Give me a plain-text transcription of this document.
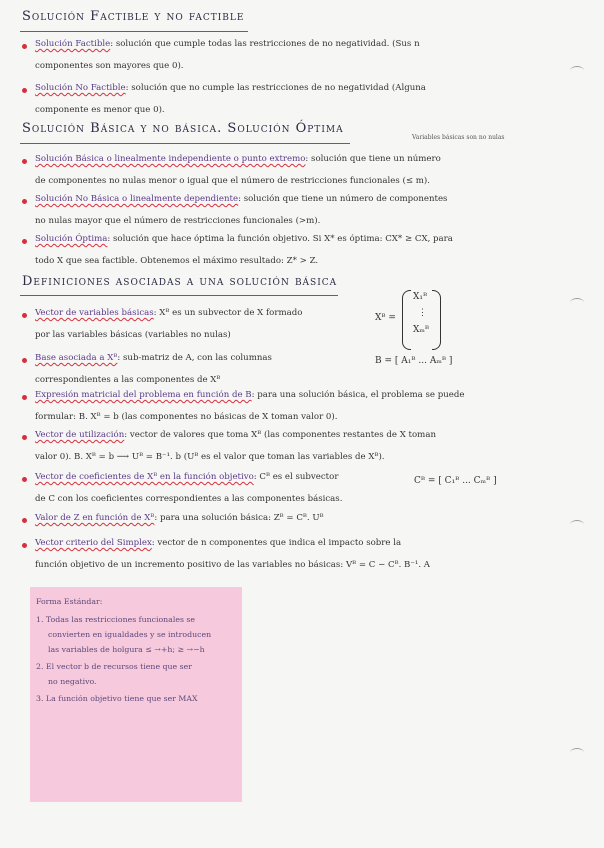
Solución Factible y no factible
Solución Factible: solución que cumple todas las restricciones de no negatividad. (Sus n
componentes son mayores que 0).
Solución No Factible: solución que no cumple las restricciones de no negatividad (Alguna
componente es menor que 0).
Solución Básica y no básica. Solución Óptima
Variables básicas son no nulas
Solución Básica o linealmente independiente o punto extremo: solución que tiene un número
de componentes no nulas menor o igual que el número de restricciones funcionales (≤ m).
Solución No Básica o linealmente dependiente: solución que tiene un número de componentes
no nulas mayor que el número de restricciones funcionales (>m).
Solución Óptima: solución que hace óptima la función objetivo. Si X* es óptima: CX* ≥ CX, para
todo X que sea factible. Obtenemos el máximo resultado: Z* > Z.
Definiciones asociadas a una solución básica
Vector de variables básicas: Xᴮ es un subvector de X formado
por las variables básicas (variables no nulas)
Xᴮ =
X₁ᴮ
⋮
Xₘᴮ
Base asociada a Xᴮ: sub-matriz de A, con las columnas
correspondientes a las componentes de Xᴮ
B = [ A₁ᴮ ... Aₘᴮ ]
Expresión matricial del problema en función de B: para una solución básica, el problema se puede
formular: B. Xᴮ = b (las componentes no básicas de X toman valor 0).
Vector de utilización: vector de valores que toma Xᴮ (las componentes restantes de X toman
valor 0). B. Xᴮ = b ⟶ Uᴮ = B⁻¹. b (Uᴮ es el valor que toman las variables de Xᴮ).
Vector de coeficientes de Xᴮ en la función objetivo: Cᴮ es el subvector
de C con los coeficientes correspondientes a las componentes básicas.
Cᴮ = [ C₁ᴮ ... Cₘᴮ ]
Valor de Z en función de Xᴮ: para una solución básica: Zᴮ = Cᴮ. Uᴮ
Vector criterio del Simplex: vector de n componentes que indica el impacto sobre la
función objetivo de un incremento positivo de las variables no básicas: Vᴮ = C − Cᴮ. B⁻¹. A
Forma Estándar:
1. Todas las restricciones funcionales se
convierten en igualdades y se introducen
las variables de holgura ≤ →+h; ≥ →−h
2. El vector b de recursos tiene que ser
no negativo.
3. La función objetivo tiene que ser MAX
